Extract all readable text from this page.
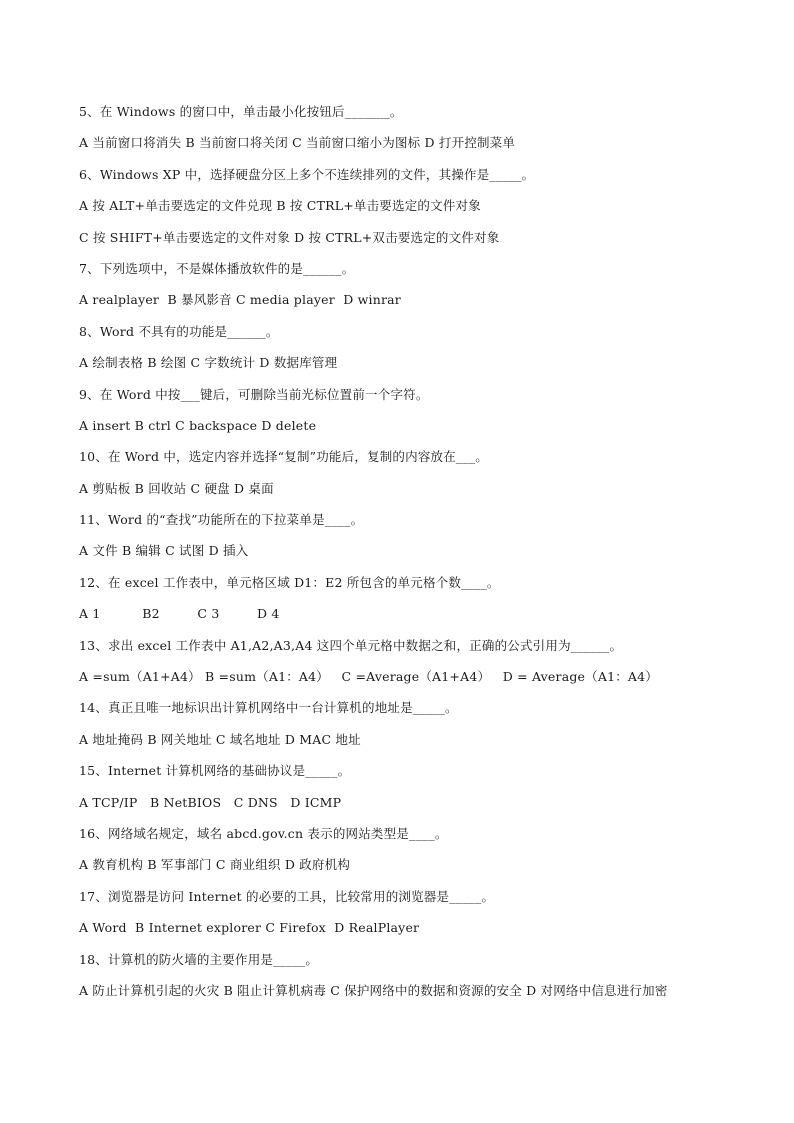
5、在 Windows 的窗口中，单击最小化按钮后_______。
A 当前窗口将消失 B 当前窗口将关闭 C 当前窗口缩小为图标 D 打开控制菜单
6、Windows XP 中，选择硬盘分区上多个不连续排列的文件，其操作是_____。
A 按 ALT+单击要选定的文件兑现 B 按 CTRL+单击要选定的文件对象
C 按 SHIFT+单击要选定的文件对象 D 按 CTRL+双击要选定的文件对象
7、下列选项中，不是媒体播放软件的是______。
A realplayer  B 暴风影音 C media player  D winrar
8、Word 不具有的功能是______。
A 绘制表格 B 绘图 C 字数统计 D 数据库管理
9、在 Word 中按___键后，可删除当前光标位置前一个字符。
A insert B ctrl C backspace D delete
10、在 Word 中，选定内容并选择“复制”功能后，复制的内容放在___。
A 剪贴板 B 回收站 C 硬盘 D 桌面
11、Word 的“查找”功能所在的下拉菜单是____。
A 文件 B 编辑 C 试图 D 插入
12、在 excel 工作表中，单元格区域 D1：E2 所包含的单元格个数____。
A 1          B2         C 3         D 4
13、求出 excel 工作表中 A1,A2,A3,A4 这四个单元格中数据之和，正确的公式引用为______。
A =sum（A1+A4） B =sum（A1：A4）   C =Average（A1+A4）   D = Average（A1：A4）
14、真正且唯一地标识出计算机网络中一台计算机的地址是_____。
A 地址掩码 B 网关地址 C 域名地址 D MAC 地址
15、Internet 计算机网络的基础协议是_____。
A TCP/IP   B NetBIOS   C DNS   D ICMP
16、网络域名规定，域名 abcd.gov.cn 表示的网站类型是____。
A 教育机构 B 军事部门 C 商业组织 D 政府机构
17、浏览器是访问 Internet 的必要的工具，比较常用的浏览器是_____。
A Word  B Internet explorer C Firefox  D RealPlayer
18、计算机的防火墙的主要作用是_____。
A 防止计算机引起的火灾 B 阻止计算机病毒 C 保护网络中的数据和资源的安全 D 对网络中信息进行加密
